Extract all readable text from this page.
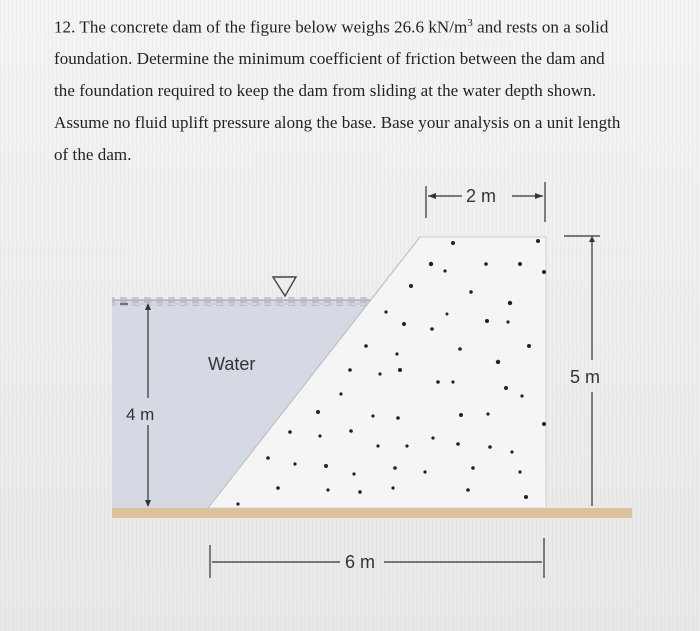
12. The concrete dam of the figure below weighs 26.6 $kN/m^3$ and rests on a solid
foundation. Determine the minimum coefficient of friction between the dam and
the foundation required to keep the dam from sliding at the water depth shown.
Assume no fluid uplift pressure along the base. Base your analysis on a unit length
of the dam.
4 m
Water
2 m
5 m
6 m
